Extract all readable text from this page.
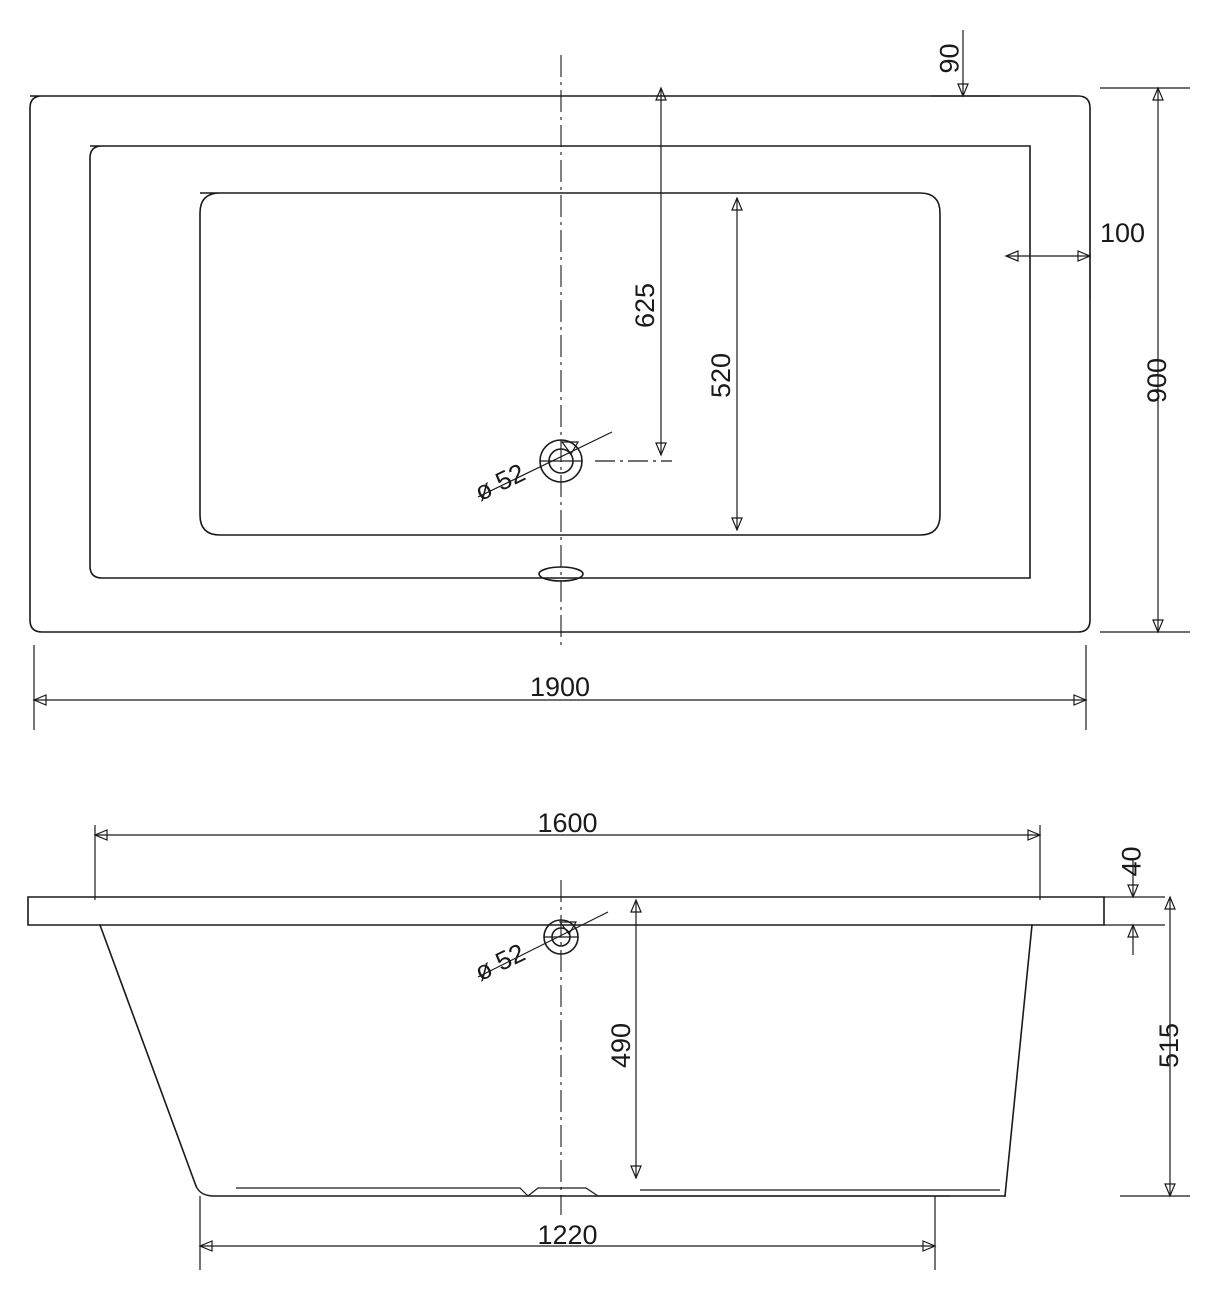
90
100
900
1900
625
520
ø 52
1600
40
515
490
1220
ø 52
